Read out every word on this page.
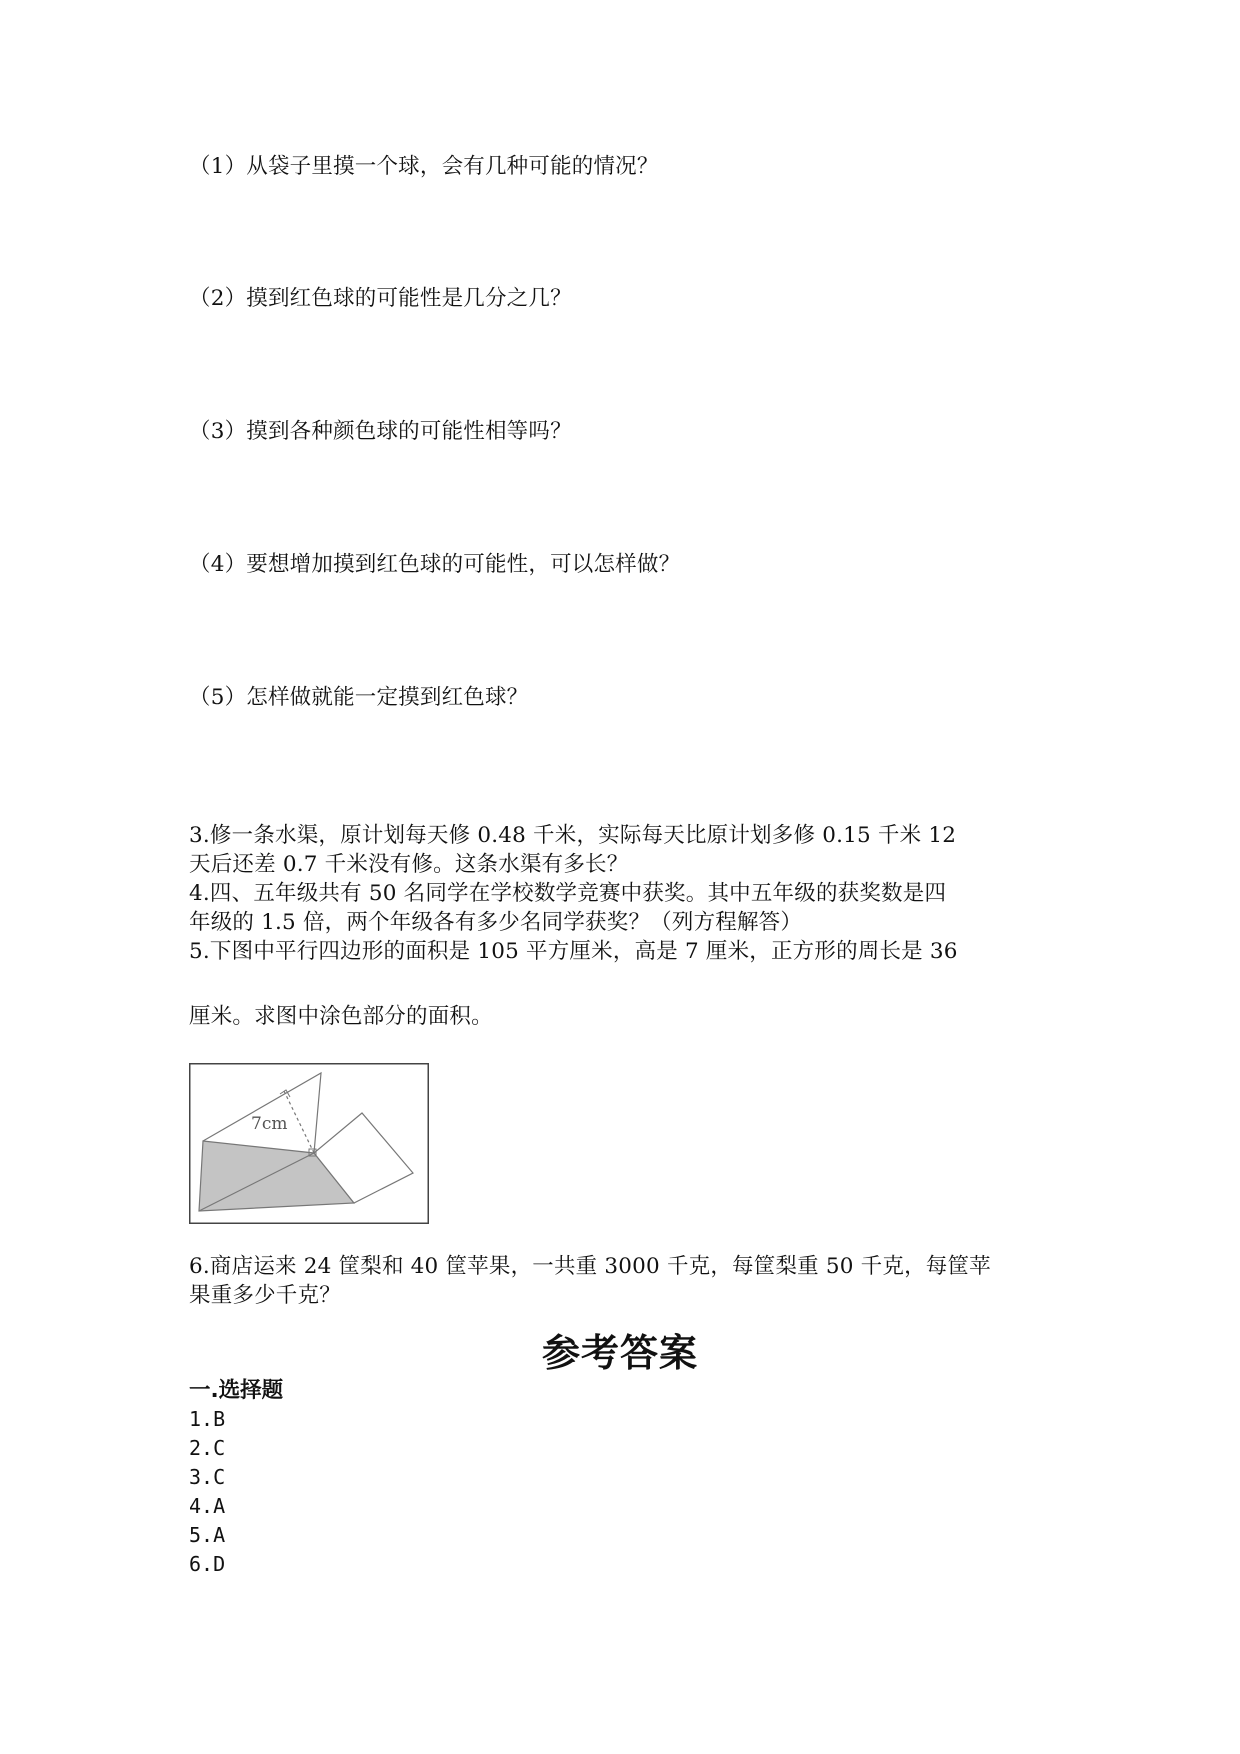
（1）从袋子里摸一个球，会有几种可能的情况？
（2）摸到红色球的可能性是几分之几？
（3）摸到各种颜色球的可能性相等吗？
（4）要想增加摸到红色球的可能性，可以怎样做？
（5）怎样做就能一定摸到红色球？
3.修一条水渠，原计划每天修 0.48 千米，实际每天比原计划多修 0.15 千米 12
天后还差 0.7 千米没有修。这条水渠有多长？
4.四、五年级共有 50 名同学在学校数学竞赛中获奖。其中五年级的获奖数是四
年级的 1.5 倍，两个年级各有多少名同学获奖？（列方程解答）
5.下图中平行四边形的面积是 105 平方厘米，高是 7 厘米，正方形的周长是 36
厘米。求图中涂色部分的面积。
7cm
6.商店运来 24 筐梨和 40 筐苹果，一共重 3000 千克，每筐梨重 50 千克，每筐苹
果重多少千克？
参考答案
一.选择题
1.B
2.C
3.C
4.A
5.A
6.D
